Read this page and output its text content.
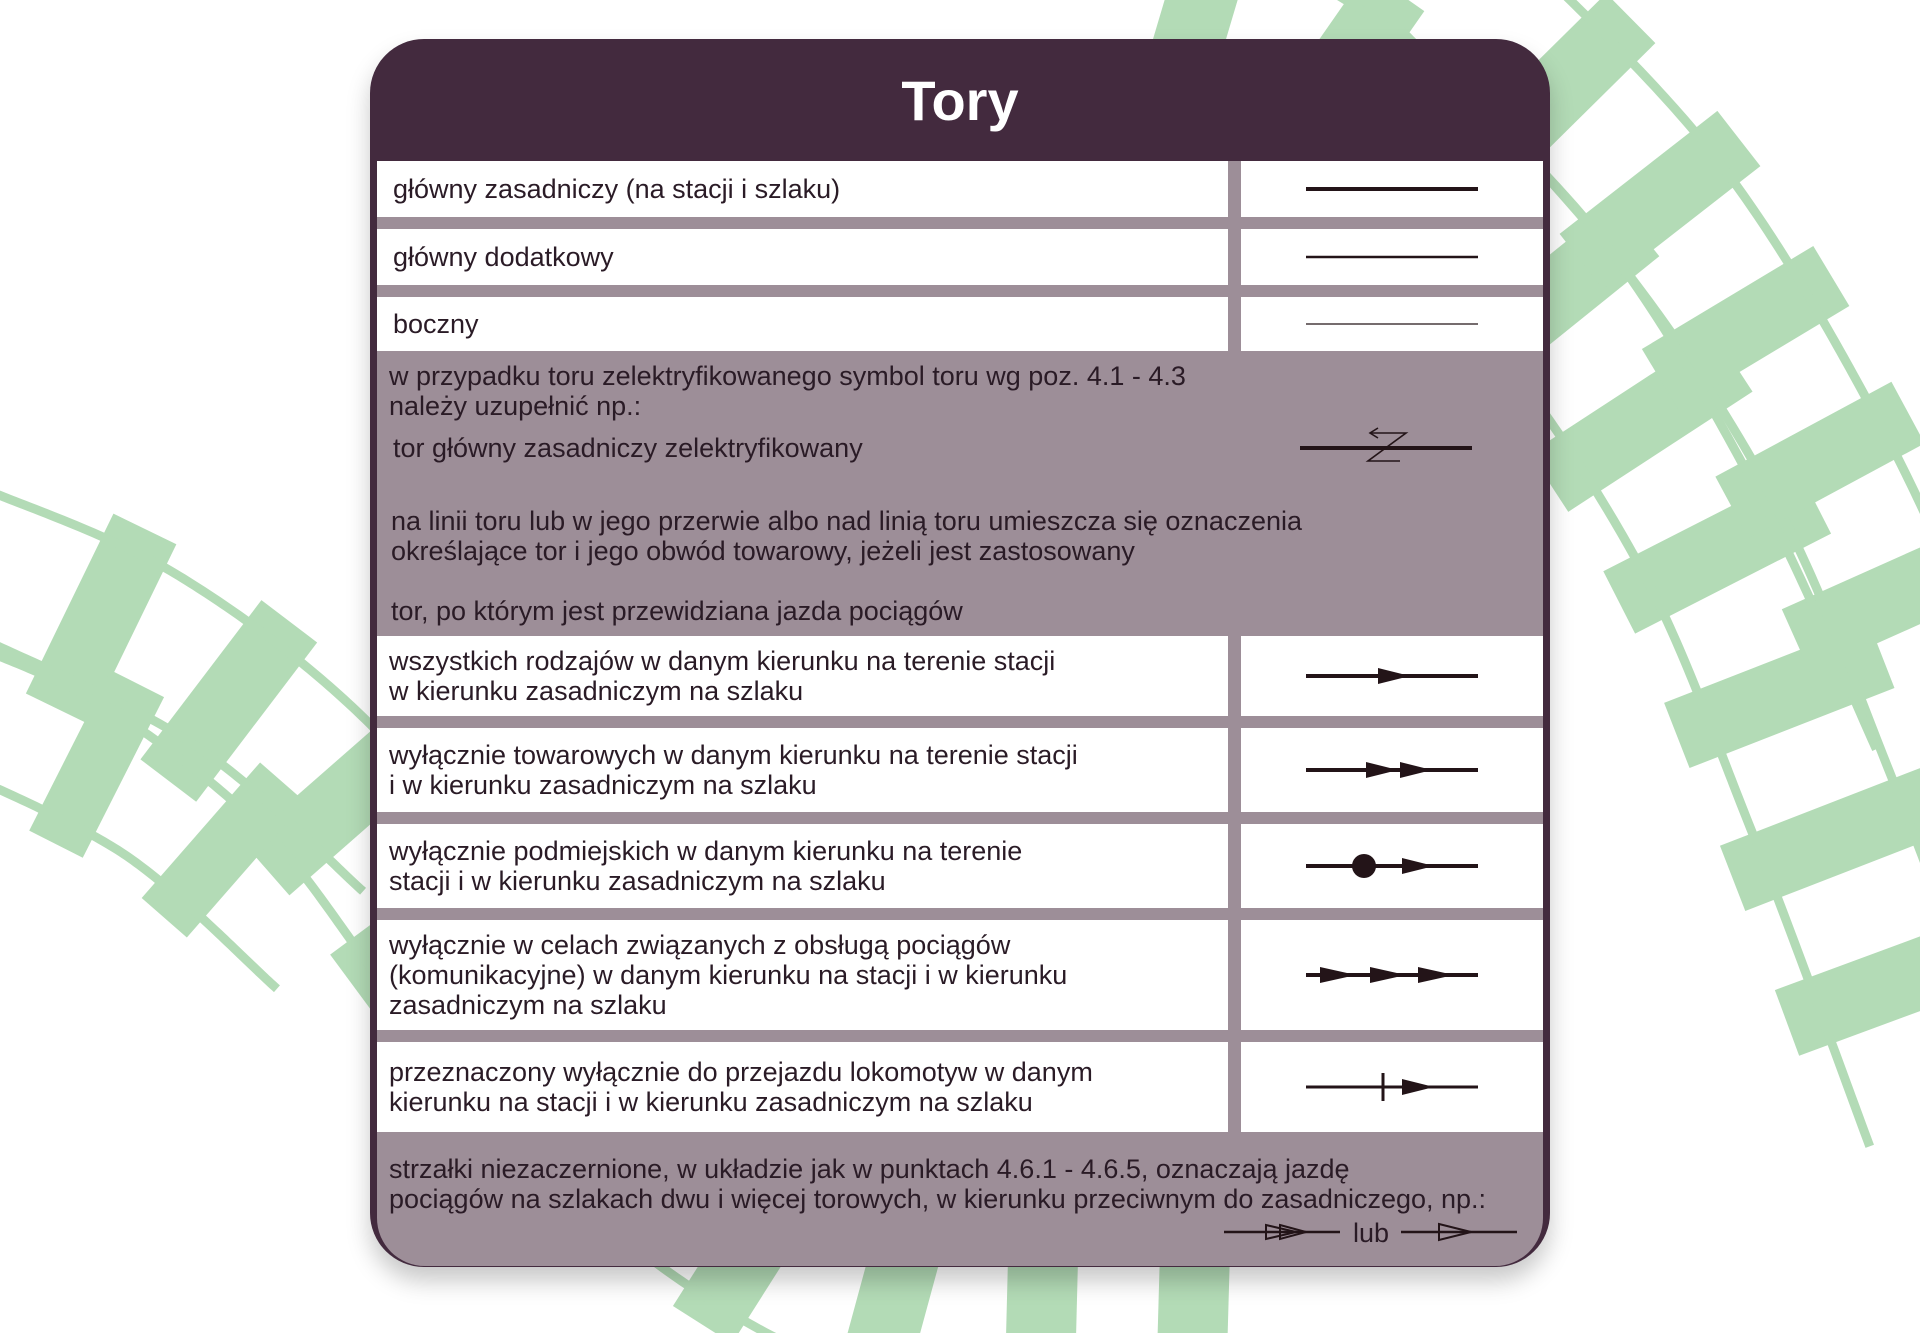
Tory
główny zasadniczy (na stacji i szlaku)
główny dodatkowy
boczny
w przypadku toru zelektryfikowanego symbol toru wg poz. 4.1 - 4.3
należy uzupełnić np.:
tor główny zasadniczy zelektryfikowany
na linii toru lub w jego przerwie albo nad linią toru umieszcza się oznaczenia
określające tor i jego obwód towarowy, jeżeli jest zastosowany
tor, po którym jest przewidziana jazda pociągów
wszystkich rodzajów w danym kierunku na terenie stacji
w kierunku zasadniczym na szlaku
wyłącznie towarowych w danym kierunku na terenie stacji
i w kierunku zasadniczym na szlaku
wyłącznie podmiejskich w danym kierunku na terenie
stacji i w kierunku zasadniczym na szlaku
wyłącznie w celach związanych z obsługą pociągów
(komunikacyjne) w danym kierunku na stacji i w kierunku
zasadniczym na szlaku
przeznaczony wyłącznie do przejazdu lokomotyw w danym
kierunku na stacji i w kierunku zasadniczym na szlaku
strzałki niezaczernione, w układzie jak w punktach 4.6.1 - 4.6.5, oznaczają jazdę
pociągów na szlakach dwu i więcej torowych, w kierunku przeciwnym do zasadniczego, np.:
lub
